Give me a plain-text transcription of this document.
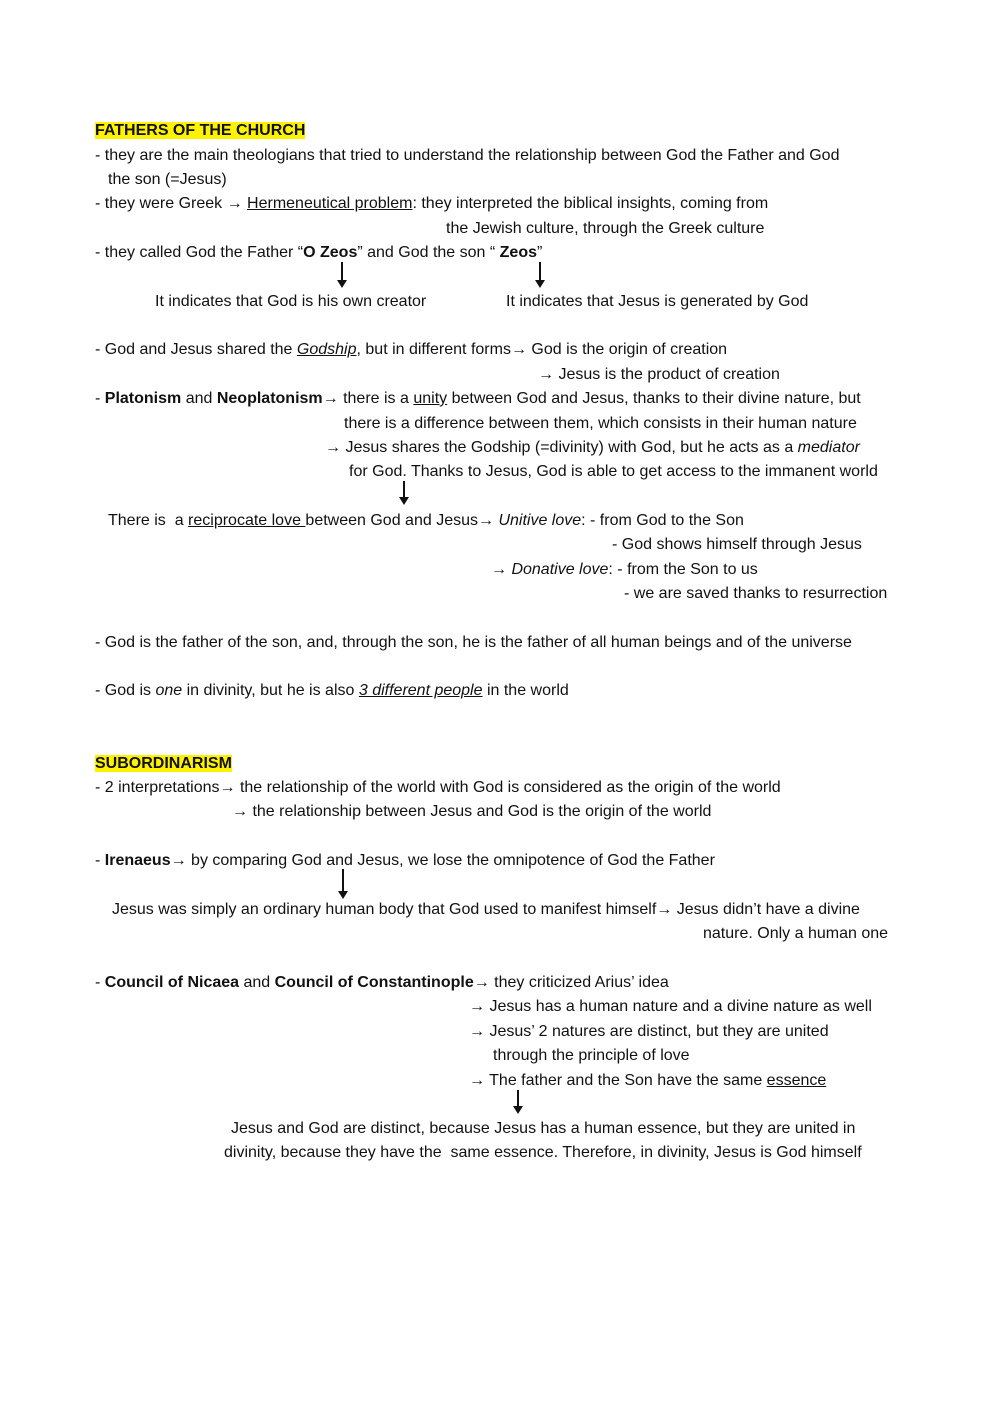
FATHERS OF THE CHURCH
- they are the main theologians that tried to understand the relationship between God the Father and God
the son (=Jesus)
- they were Greek → Hermeneutical problem: they interpreted the biblical insights, coming from
the Jewish culture, through the Greek culture
- they called God the Father “O Zeos” and God the son “ Zeos”
It indicates that God is his own creator	It indicates that Jesus is generated by God
- God and Jesus shared the Godship, but in different forms→ God is the origin of creation
→ Jesus is the product of creation
- Platonism and Neoplatonism→ there is a unity between God and Jesus, thanks to their divine nature, but
there is a difference between them, which consists in their human nature
→ Jesus shares the Godship (=divinity) with God, but he acts as a mediator
for God. Thanks to Jesus, God is able to get access to the immanent world
There is  a reciprocate love between God and Jesus→ Unitive love: - from God to the Son
- God shows himself through Jesus
→ Donative love: - from the Son to us
- we are saved thanks to resurrection
- God is the father of the son, and, through the son, he is the father of all human beings and of the universe
- God is one in divinity, but he is also 3 different people in the world
SUBORDINARISM
- 2 interpretations→ the relationship of the world with God is considered as the origin of the world
→ the relationship between Jesus and God is the origin of the world
- Irenaeus→ by comparing God and Jesus, we lose the omnipotence of God the Father
Jesus was simply an ordinary human body that God used to manifest himself→ Jesus didn’t have a divine
nature. Only a human one
- Council of Nicaea and Council of Constantinople→ they criticized Arius’ idea
→ Jesus has a human nature and a divine nature as well
→ Jesus’ 2 natures are distinct, but they are united
through the principle of love
→ The father and the Son have the same essence
Jesus and God are distinct, because Jesus has a human essence, but they are united in
divinity, because they have the  same essence. Therefore, in divinity, Jesus is God himself
